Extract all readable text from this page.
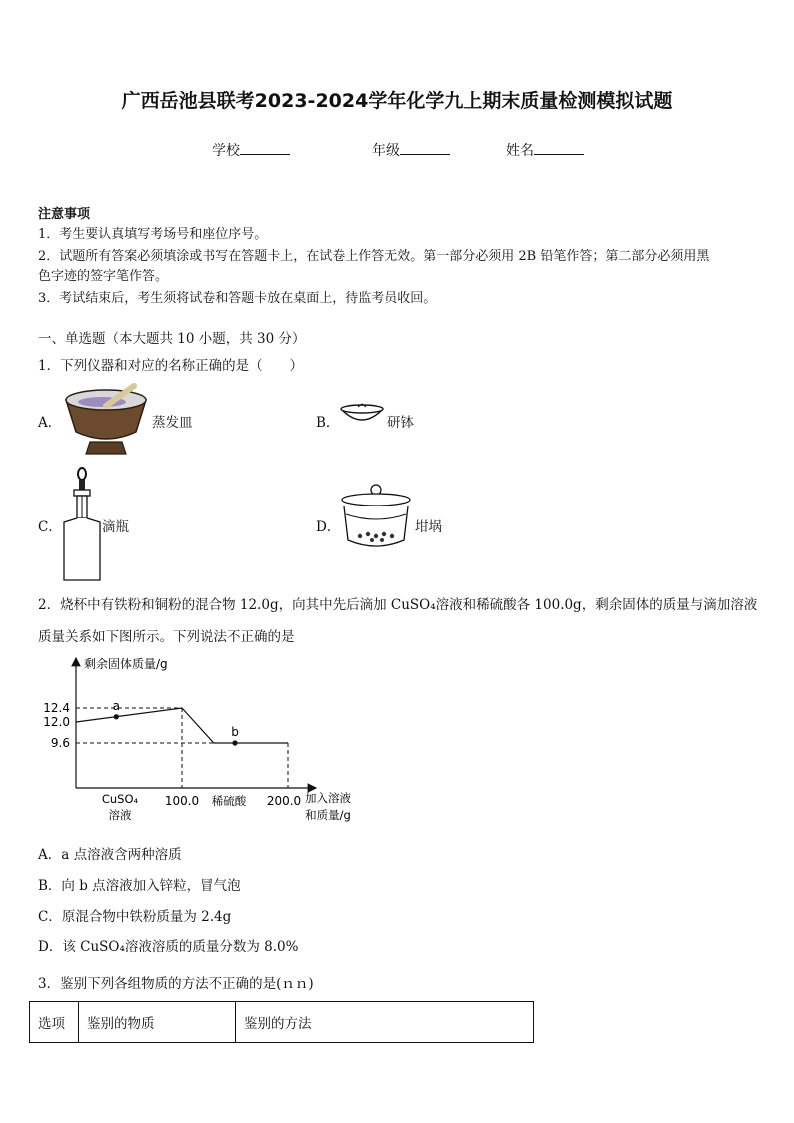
广西岳池县联考2023-2024学年化学九上期末质量检测模拟试题
学校	年级	姓名
注意事项
1．考生要认真填写考场号和座位序号。
2．试题所有答案必须填涂或书写在答题卡上，在试卷上作答无效。第一部分必须用 2B 铅笔作答；第二部分必须用黑
色字迹的签字笔作答。
3．考试结束后，考生须将试卷和答题卡放在桌面上，待监考员收回。
一、单选题（本大题共 10 小题，共 30 分）
1．下列仪器和对应的名称正确的是（　　）
A．	蒸发皿	B．	研钵
C．	滴瓶	D．	坩埚
2．烧杯中有铁粉和铜粉的混合物 12.0g，向其中先后滴加 CuSO₄溶液和稀硫酸各 100.0g，剩余固体的质量与滴加溶液
质量关系如下图所示。下列说法不正确的是
剩余固体质量/g
12.4
12.0
9.6
100.0	200.0
CuSO₄
溶液
稀硫酸	加入溶液
和质量/g
a
b
A．a 点溶液含两种溶质
B．向 b 点溶液加入锌粒，冒气泡
C．原混合物中铁粉质量为 2.4g
D．该 CuSO₄溶液溶质的质量分数为 8.0%
3．鉴别下列各组物质的方法不正确的是(ｎｎ)
选项	鉴别的物质	鉴别的方法
